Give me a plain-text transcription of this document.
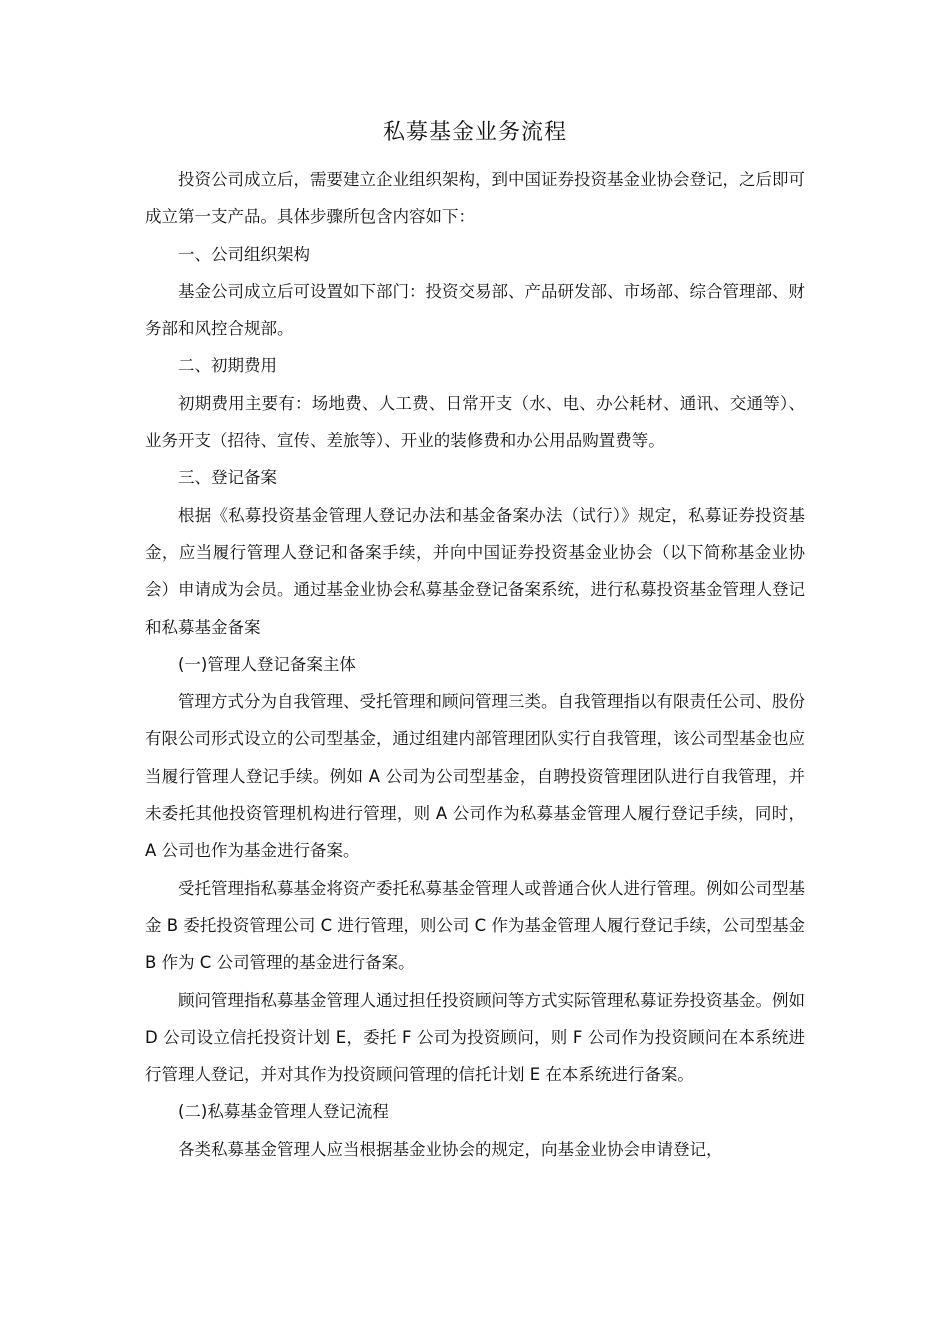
私募基金业务流程

投资公司成立后，需要建立企业组织架构，到中国证券投资基金业协会登记，之后即可成立第一支产品。具体步骤所包含内容如下：

一、公司组织架构

基金公司成立后可设置如下部门：投资交易部、产品研发部、市场部、综合管理部、财务部和风控合规部。

二、初期费用

初期费用主要有：场地费、人工费、日常开支（水、电、办公耗材、通讯、交通等）、业务开支（招待、宣传、差旅等）、开业的装修费和办公用品购置费等。

三、登记备案

根据《私募投资基金管理人登记办法和基金备案办法（试行）》规定，私募证券投资基金，应当履行管理人登记和备案手续，并向中国证券投资基金业协会（以下简称基金业协会）申请成为会员。通过基金业协会私募基金登记备案系统，进行私募投资基金管理人登记和私募基金备案

(一)管理人登记备案主体

管理方式分为自我管理、受托管理和顾问管理三类。自我管理指以有限责任公司、股份有限公司形式设立的公司型基金，通过组建内部管理团队实行自我管理，该公司型基金也应当履行管理人登记手续。例如 A 公司为公司型基金，自聘投资管理团队进行自我管理，并未委托其他投资管理机构进行管理，则 A 公司作为私募基金管理人履行登记手续，同时，A 公司也作为基金进行备案。

受托管理指私募基金将资产委托私募基金管理人或普通合伙人进行管理。例如公司型基金 B 委托投资管理公司 C 进行管理，则公司 C 作为基金管理人履行登记手续，公司型基金 B 作为 C 公司管理的基金进行备案。

顾问管理指私募基金管理人通过担任投资顾问等方式实际管理私募证券投资基金。例如 D 公司设立信托投资计划 E，委托 F 公司为投资顾问，则 F 公司作为投资顾问在本系统进行管理人登记，并对其作为投资顾问管理的信托计划 E 在本系统进行备案。

(二)私募基金管理人登记流程

各类私募基金管理人应当根据基金业协会的规定，向基金业协会申请登记，
